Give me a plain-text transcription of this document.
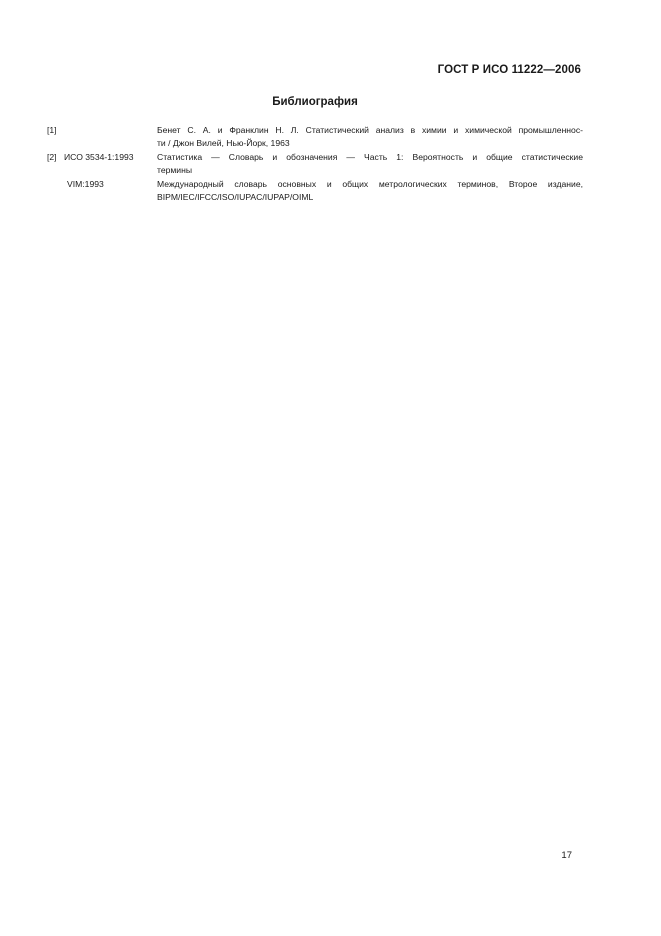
ГОСТ Р ИСО 11222—2006
Библиография
[1]	Бенет С. А. и Франклин Н. Л. Статистический анализ в химии и химической промышленнос-
ти / Джон Вилей, Нью-Йорк, 1963
[2] ИСО 3534-1:1993	Статистика — Словарь и обозначения — Часть 1: Вероятность и общие статистические
термины
VIM:1993	Международный словарь основных и общих метрологических терминов, Второе издание,
BIPM/IEC/IFCC/ISO/IUPAC/IUPAP/OIML
17
